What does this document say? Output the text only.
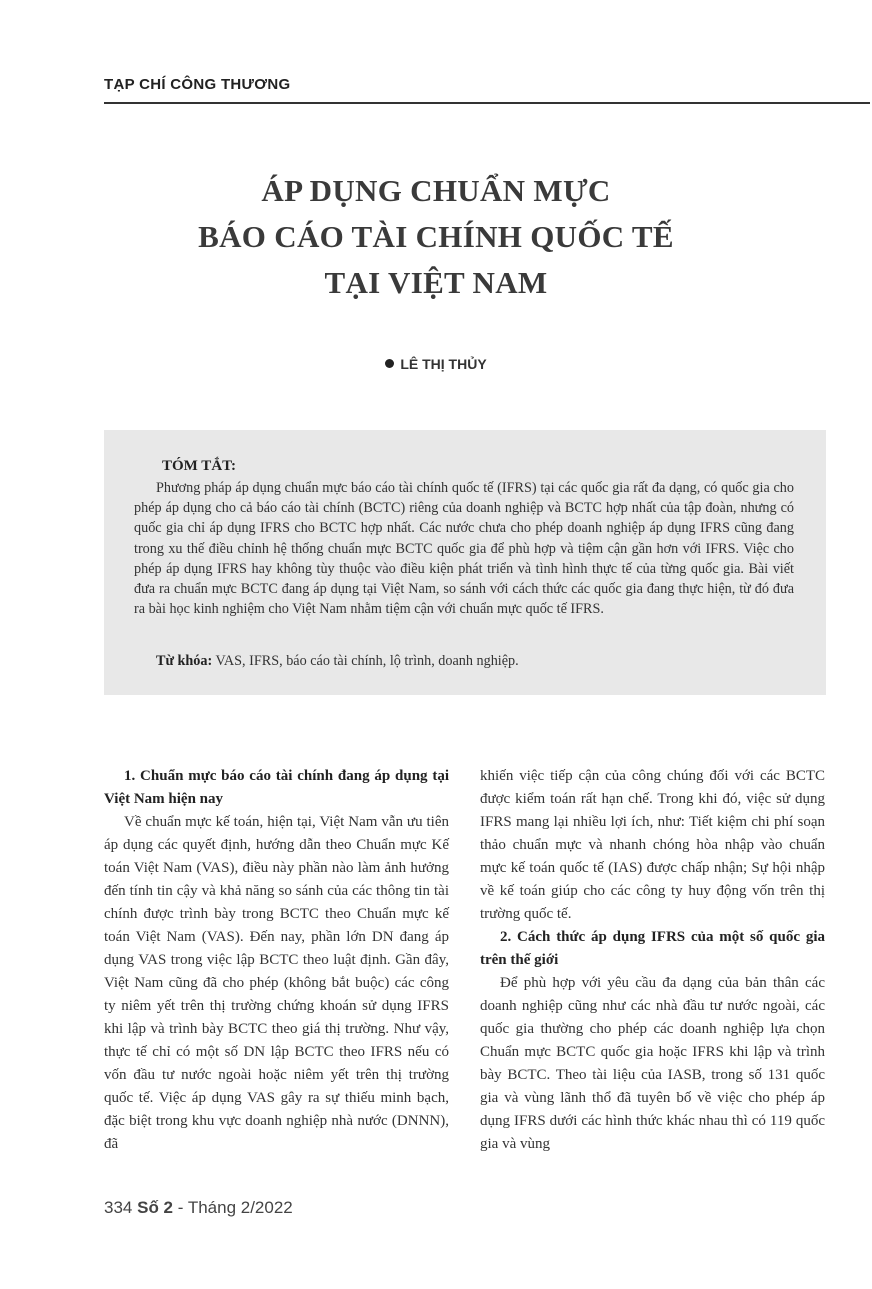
TẠP CHÍ CÔNG THƯƠNG
ÁP DỤNG CHUẨN MỰC
BÁO CÁO TÀI CHÍNH QUỐC TẾ
TẠI VIỆT NAM
LÊ THỊ THỦY
TÓM TẮT:
Phương pháp áp dụng chuẩn mực báo cáo tài chính quốc tế (IFRS) tại các quốc gia rất đa dạng, có quốc gia cho phép áp dụng cho cả báo cáo tài chính (BCTC) riêng của doanh nghiệp và BCTC hợp nhất của tập đoàn, nhưng có quốc gia chỉ áp dụng IFRS cho BCTC hợp nhất. Các nước chưa cho phép doanh nghiệp áp dụng IFRS cũng đang trong xu thế điều chỉnh hệ thống chuẩn mực BCTC quốc gia để phù hợp và tiệm cận gần hơn với IFRS. Việc cho phép áp dụng IFRS hay không tùy thuộc vào điều kiện phát triển và tình hình thực tế của từng quốc gia. Bài viết đưa ra chuẩn mực BCTC đang áp dụng tại Việt Nam, so sánh với cách thức các quốc gia đang thực hiện, từ đó đưa ra bài học kinh nghiệm cho Việt Nam nhằm tiệm cận với chuẩn mực quốc tế IFRS.
Từ khóa: VAS, IFRS, báo cáo tài chính, lộ trình, doanh nghiệp.
1. Chuẩn mực báo cáo tài chính đang áp dụng tại Việt Nam hiện nay

Về chuẩn mực kế toán, hiện tại, Việt Nam vẫn ưu tiên áp dụng các quyết định, hướng dẫn theo Chuẩn mực Kế toán Việt Nam (VAS), điều này phần nào làm ảnh hưởng đến tính tin cậy và khả năng so sánh của các thông tin tài chính được trình bày trong BCTC theo Chuẩn mực kế toán Việt Nam (VAS). Đến nay, phần lớn DN đang áp dụng VAS trong việc lập BCTC theo luật định. Gần đây, Việt Nam cũng đã cho phép (không bắt buộc) các công ty niêm yết trên thị trường chứng khoán sử dụng IFRS khi lập và trình bày BCTC theo giá thị trường. Như vậy, thực tế chỉ có một số DN lập BCTC theo IFRS nếu có vốn đầu tư nước ngoài hoặc niêm yết trên thị trường quốc tế. Việc áp dụng VAS gây ra sự thiếu minh bạch, đặc biệt trong khu vực doanh nghiệp nhà nước (DNNN), đã

khiến việc tiếp cận của công chúng đối với các BCTC được kiểm toán rất hạn chế. Trong khi đó, việc sử dụng IFRS mang lại nhiều lợi ích, như: Tiết kiệm chi phí soạn thảo chuẩn mực và nhanh chóng hòa nhập vào chuẩn mực kế toán quốc tế (IAS) được chấp nhận; Sự hội nhập về kế toán giúp cho các công ty huy động vốn trên thị trường quốc tế.

2. Cách thức áp dụng IFRS của một số quốc gia trên thế giới

Để phù hợp với yêu cầu đa dạng của bản thân các doanh nghiệp cũng như các nhà đầu tư nước ngoài, các quốc gia thường cho phép các doanh nghiệp lựa chọn Chuẩn mực BCTC quốc gia hoặc IFRS khi lập và trình bày BCTC. Theo tài liệu của IASB, trong số 131 quốc gia và vùng lãnh thổ đã tuyên bố về việc cho phép áp dụng IFRS dưới các hình thức khác nhau thì có 119 quốc gia và vùng

334 Số 2 - Tháng 2/2022
